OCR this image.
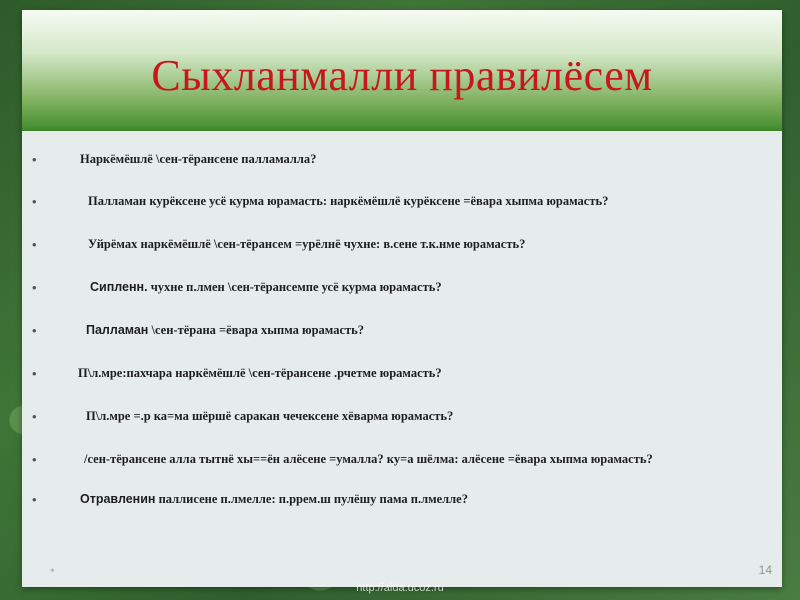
Сыхланмалли правилёсем
•	Наркёмёшлё \сен-тёрансене палламалла?
•	Палламан курёксене усё курма юрамасть: наркёмёшлё курёксене =ёвара хыпма юрамасть?
•	Уйрёмах наркёмёшлё \сен-тёрансем =урёлнё чухне: в.сене т.к.нме юрамасть?
•	Сипленн. чухне п.лмен \сен-тёрансемпе усё курма юрамасть?
•	Палламан \сен-тёрана =ёвара хыпма юрамасть?
•	П\л.мре:пахчара наркёмёшлё \сен-тёрансене .рчетме юрамасть?
•	П\л.мре =.р ка=ма шёршё саракан чечексене хёварма юрамасть?
•	/сен-тёрансене алла тытнё хы==ён алёсене =умалла? ку=а шёлма: алёсене =ёвара хыпма юрамасть?
•	Отравленин паллисене п.лмелле: п.ррем.ш пулёшу пама п.лмелле?
*	14
http://aida.ucoz.ru
